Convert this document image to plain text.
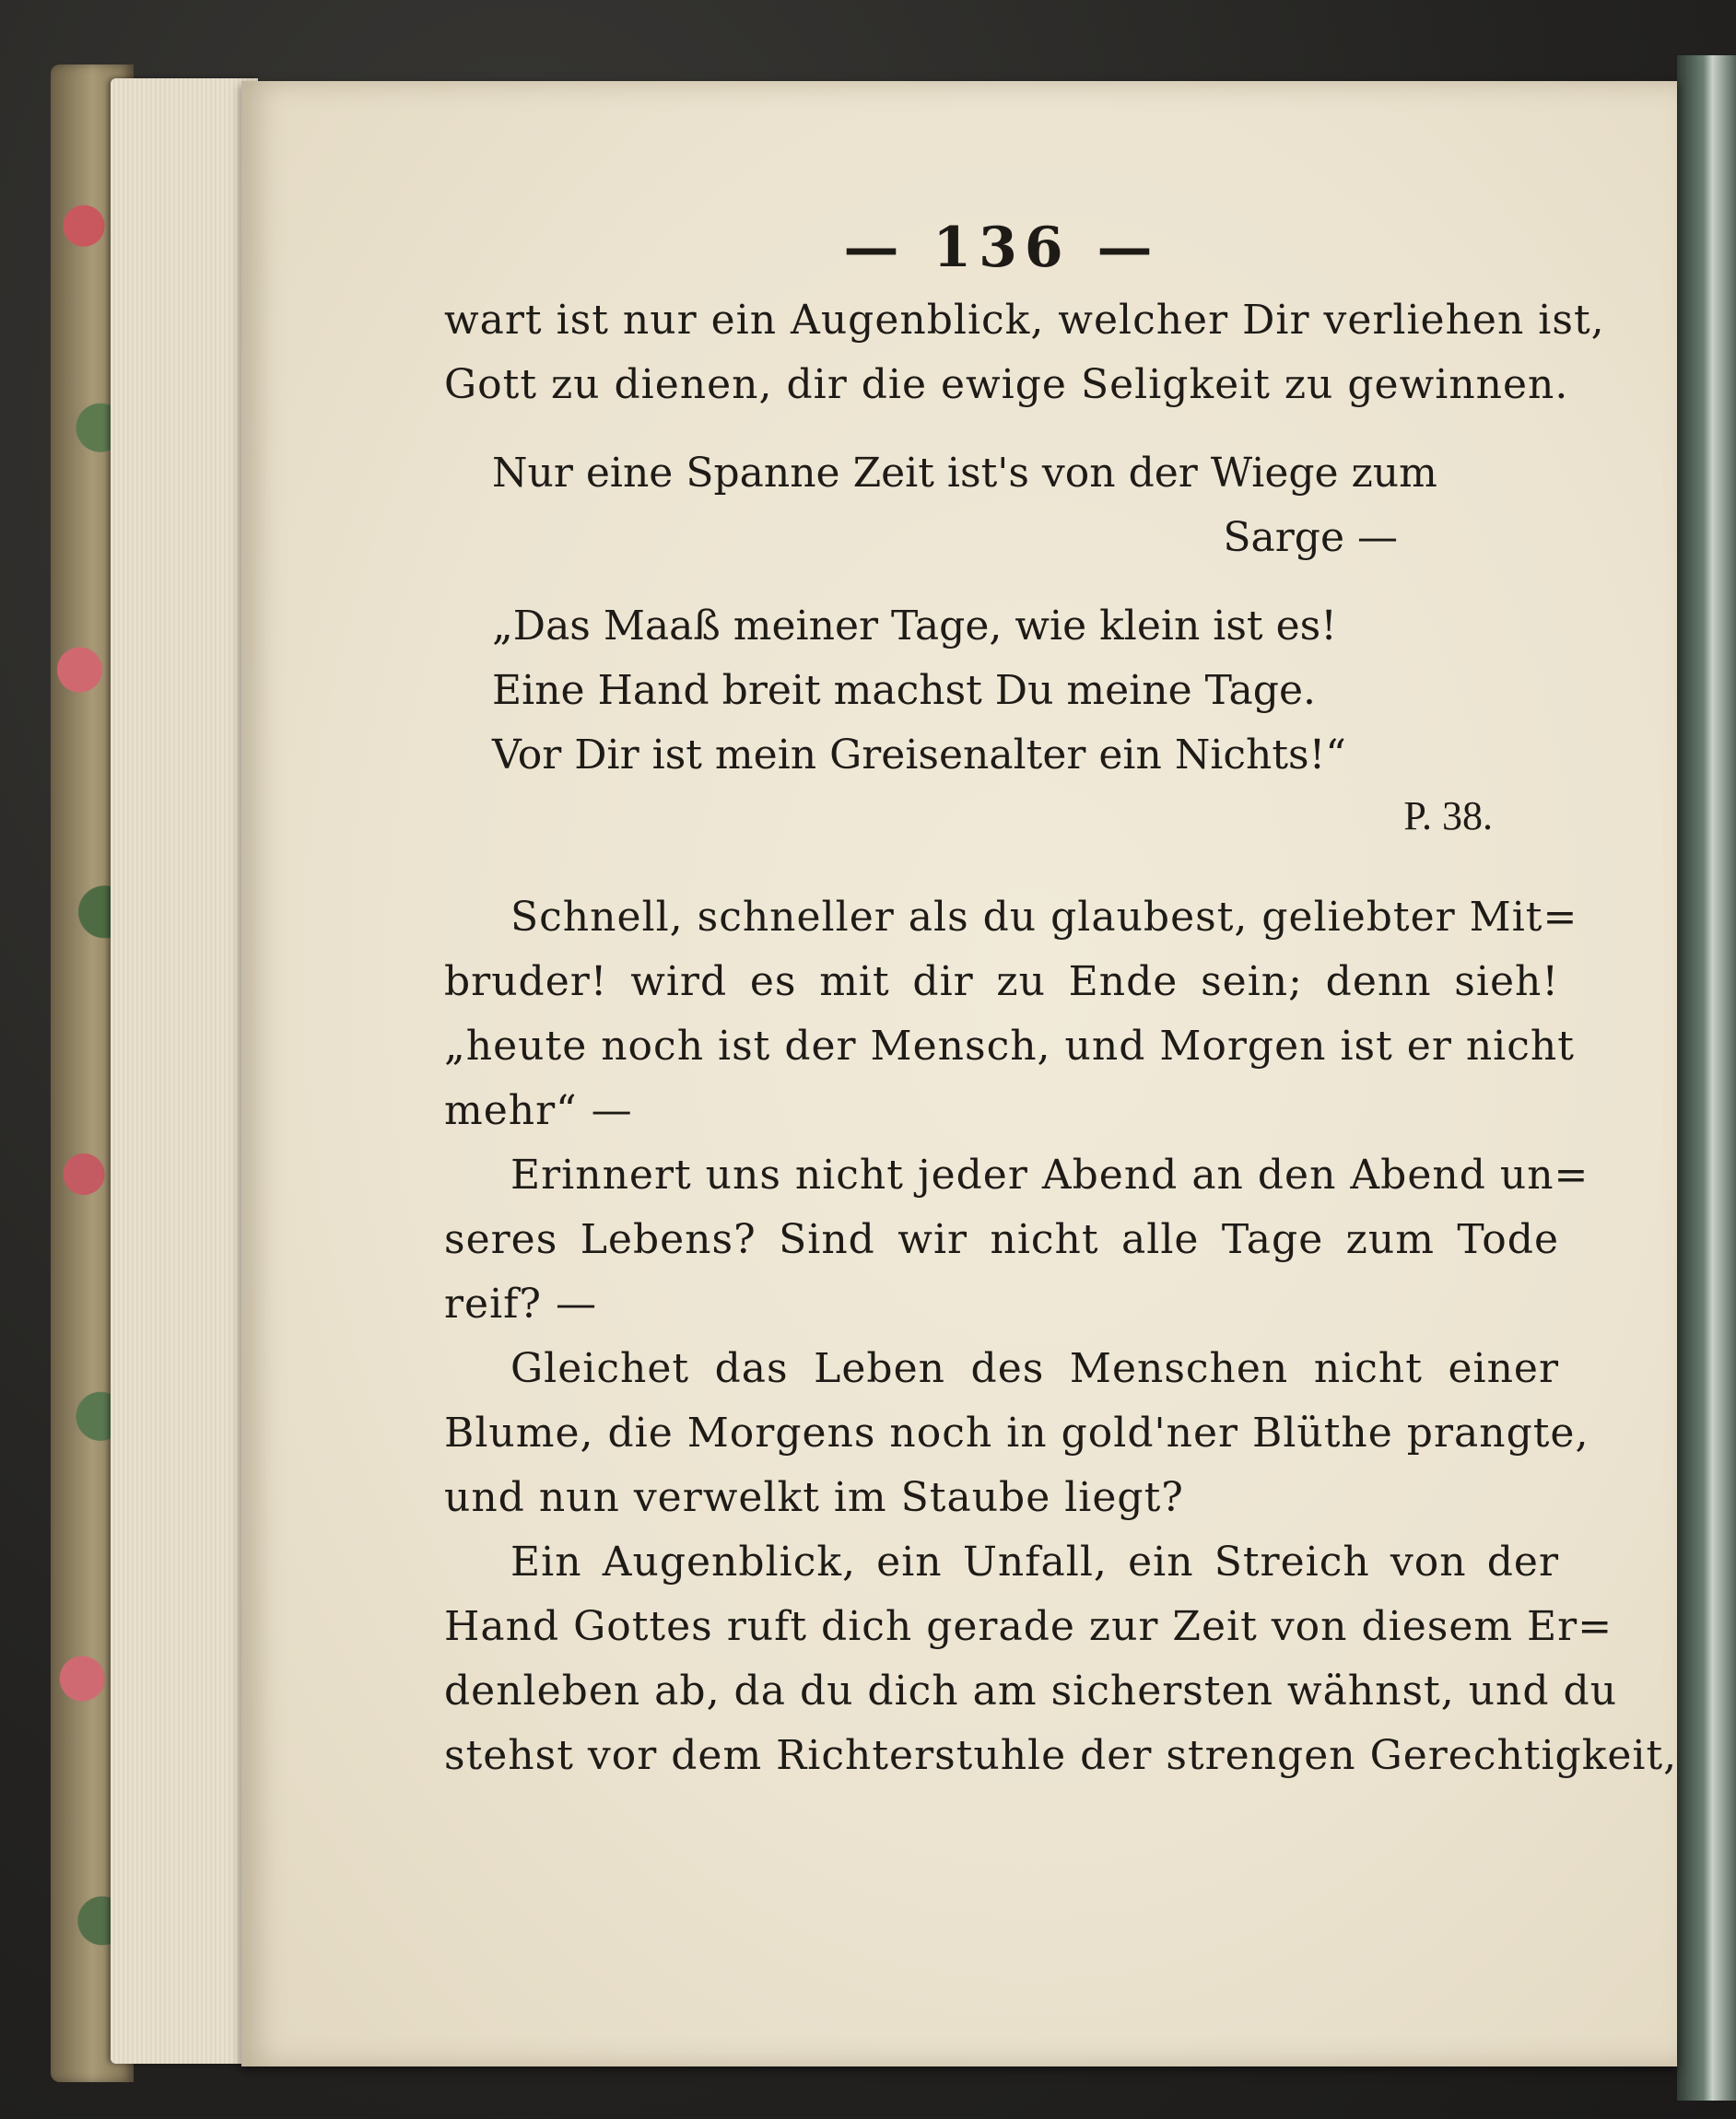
— 136 —
wart ist nur ein Augenblick, welcher Dir verliehen ist,
Gott zu dienen, dir die ewige Seligkeit zu gewinnen.
Nur eine Spanne Zeit ist's von der Wiege zum
Sarge —
„Das Maaß meiner Tage, wie klein ist es!
Eine Hand breit machst Du meine Tage.
Vor Dir ist mein Greisenalter ein Nichts!“
P. 38.
Schnell, schneller als du glaubest, geliebter Mit=
bruder! wird es mit dir zu Ende sein; denn sieh!
„heute noch ist der Mensch, und Morgen ist er nicht
mehr“ —
Erinnert uns nicht jeder Abend an den Abend un=
seres Lebens? Sind wir nicht alle Tage zum Tode
reif? —
Gleichet das Leben des Menschen nicht einer
Blume, die Morgens noch in gold'ner Blüthe prangte,
und nun verwelkt im Staube liegt?
Ein Augenblick, ein Unfall, ein Streich von der
Hand Gottes ruft dich gerade zur Zeit von diesem Er=
denleben ab, da du dich am sichersten wähnst, und du
stehst vor dem Richterstuhle der strengen Gerechtigkeit,
